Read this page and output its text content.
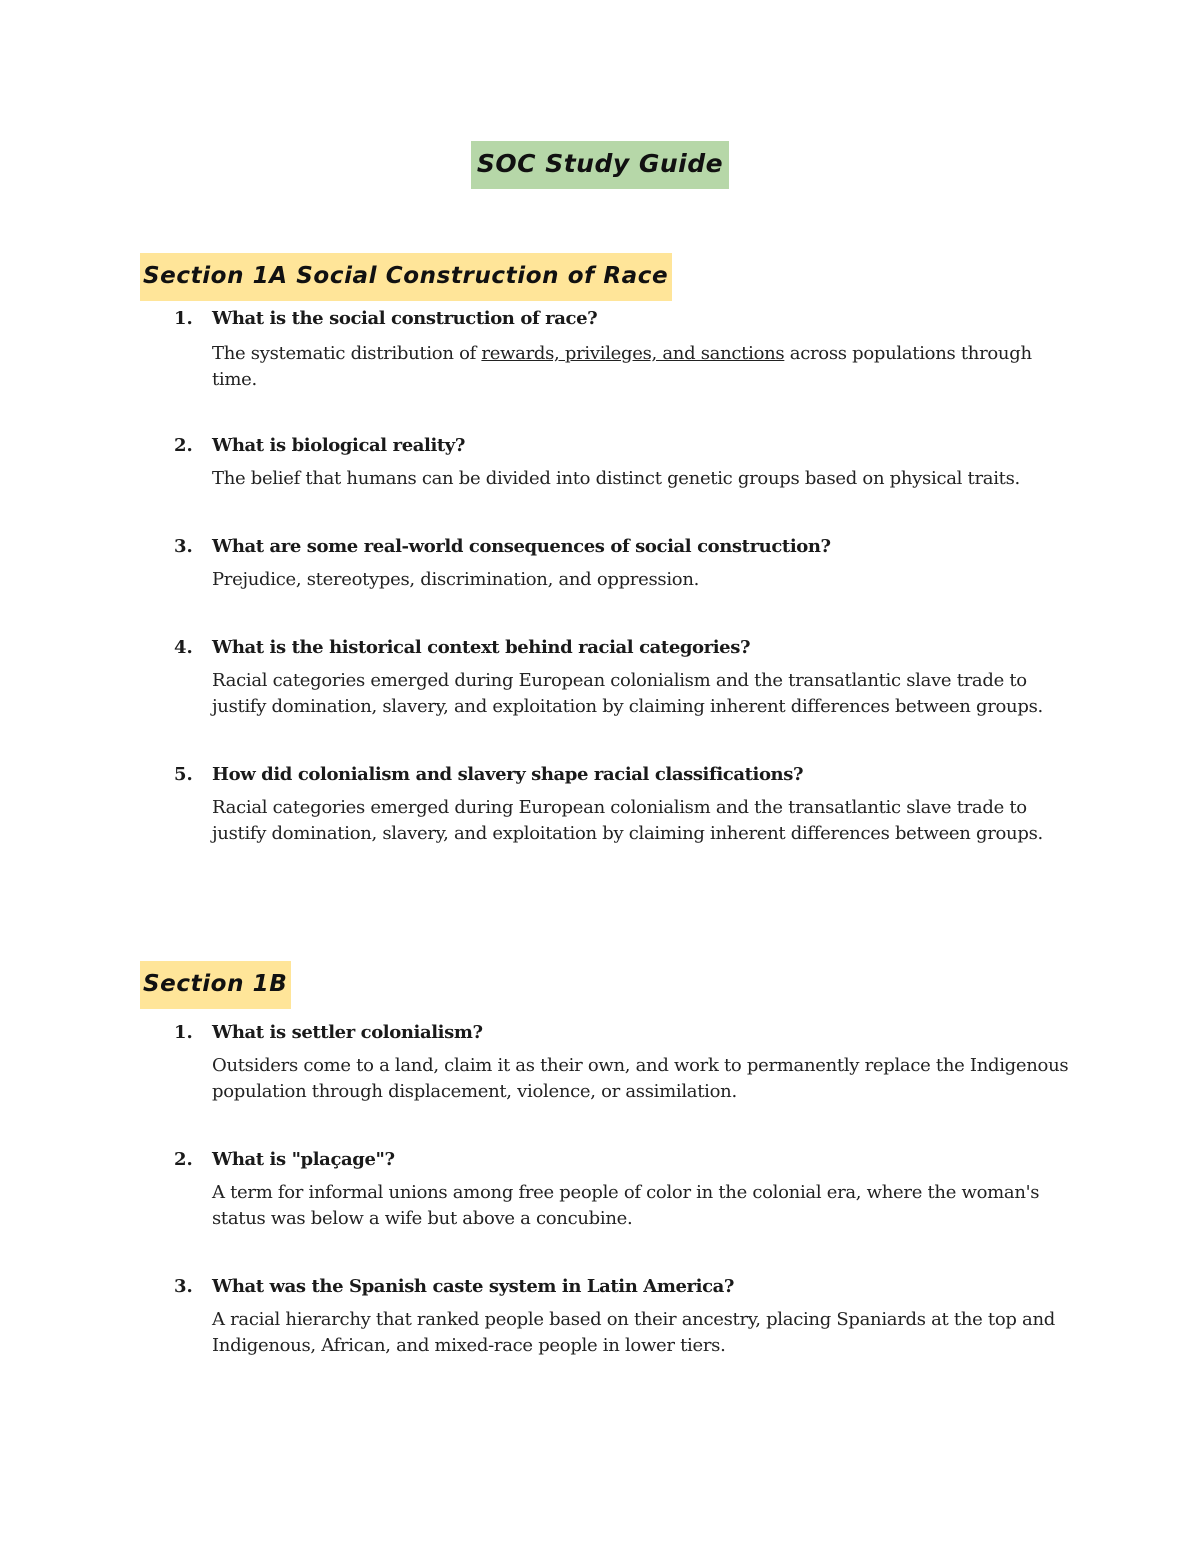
SOC Study Guide
Section 1A Social Construction of Race
1. What is the social construction of race?
The systematic distribution of rewards, privileges, and sanctions across populations through time.
2. What is biological reality?
The belief that humans can be divided into distinct genetic groups based on physical traits.
3. What are some real-world consequences of social construction?
Prejudice, stereotypes, discrimination, and oppression.
4. What is the historical context behind racial categories?
Racial categories emerged during European colonialism and the transatlantic slave trade to justify domination, slavery, and exploitation by claiming inherent differences between groups.
5. How did colonialism and slavery shape racial classifications?
Racial categories emerged during European colonialism and the transatlantic slave trade to justify domination, slavery, and exploitation by claiming inherent differences between groups.
Section 1B
1. What is settler colonialism?
Outsiders come to a land, claim it as their own, and work to permanently replace the Indigenous population through displacement, violence, or assimilation.
2. What is "plaçage"?
A term for informal unions among free people of color in the colonial era, where the woman's status was below a wife but above a concubine.
3. What was the Spanish caste system in Latin America?
A racial hierarchy that ranked people based on their ancestry, placing Spaniards at the top and Indigenous, African, and mixed-race people in lower tiers.
